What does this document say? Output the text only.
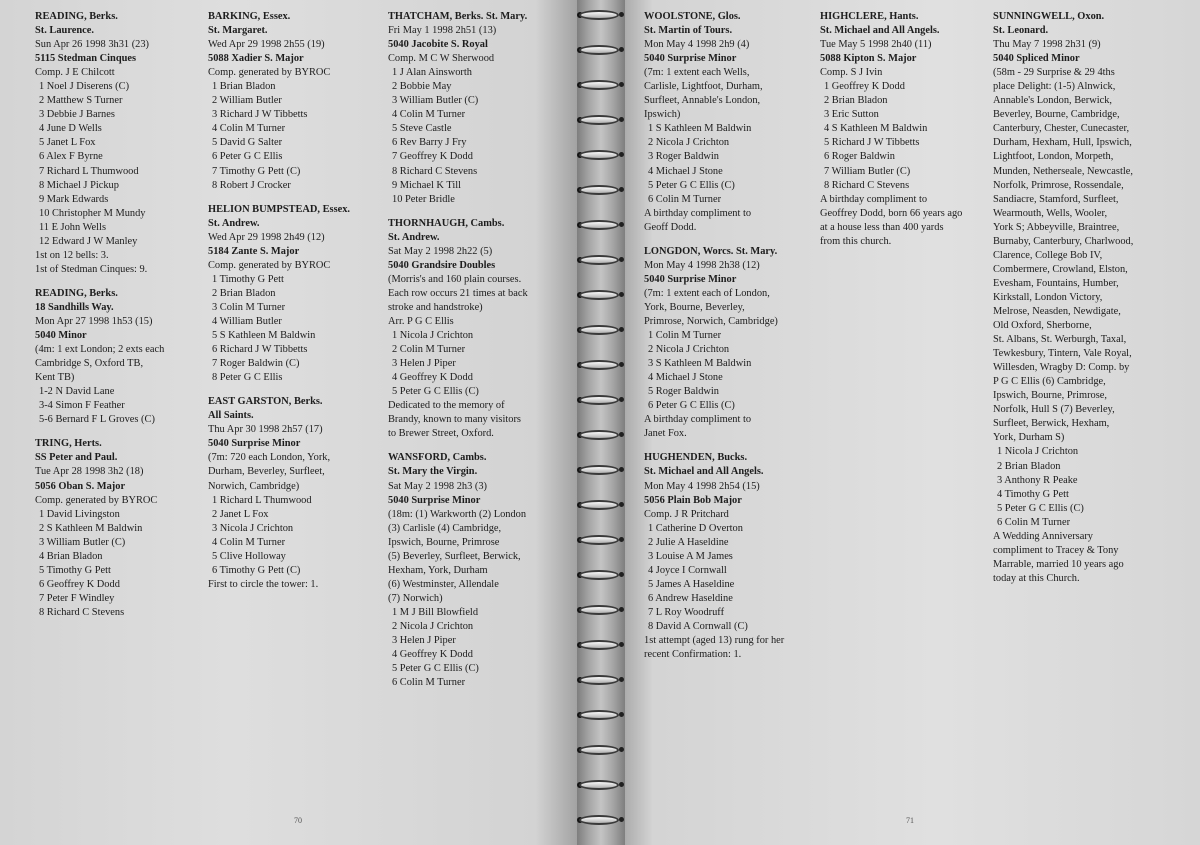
READING, Berks.
St. Laurence.
Sun Apr 26 1998 3h31 (23)
5115 Stedman Cinques
Comp. J E Chilcott
1 Noel J Diserens (C)
2 Matthew S Turner
3 Debbie J Barnes
4 June D Wells
5 Janet L Fox
6 Alex F Byrne
7 Richard L Thumwood
8 Michael J Pickup
9 Mark Edwards
10 Christopher M Mundy
11 E John Wells
12 Edward J W Manley
1st on 12 bells: 3.
1st of Stedman Cinques: 9.
READING, Berks.
18 Sandhills Way.
Mon Apr 27 1998 1h53 (15)
5040 Minor
(4m: 1 ext London; 2 exts each
Cambridge S, Oxford TB,
Kent TB)
1-2 N David Lane
3-4 Simon F Feather
5-6 Bernard F L Groves (C)
TRING, Herts.
SS Peter and Paul.
Tue Apr 28 1998 3h2 (18)
5056 Oban S. Major
Comp. generated by BYROC
1 David Livingston
2 S Kathleen M Baldwin
3 William Butler (C)
4 Brian Bladon
5 Timothy G Pett
6 Geoffrey K Dodd
7 Peter F Windley
8 Richard C Stevens
BARKING, Essex.
St. Margaret.
Wed Apr 29 1998 2h55 (19)
5088 Xadier S. Major
Comp. generated by BYROC
1 Brian Bladon
2 William Butler
3 Richard J W Tibbetts
4 Colin M Turner
5 David G Salter
6 Peter G C Ellis
7 Timothy G Pett (C)
8 Robert J Crocker
HELION BUMPSTEAD, Essex.
St. Andrew.
Wed Apr 29 1998 2h49 (12)
5184 Zante S. Major
Comp. generated by BYROC
1 Timothy G Pett
2 Brian Bladon
3 Colin M Turner
4 William Butler
5 S Kathleen M Baldwin
6 Richard J W Tibbetts
7 Roger Baldwin (C)
8 Peter G C Ellis
EAST GARSTON, Berks.
All Saints.
Thu Apr 30 1998 2h57 (17)
5040 Surprise Minor
(7m: 720 each London, York,
Durham, Beverley, Surfleet,
Norwich, Cambridge)
1 Richard L Thumwood
2 Janet L Fox
3 Nicola J Crichton
4 Colin M Turner
5 Clive Holloway
6 Timothy G Pett (C)
First to circle the tower: 1.
THATCHAM, Berks. St. Mary.
Fri May 1 1998 2h51 (13)
5040 Jacobite S. Royal
Comp. M C W Sherwood
1 J Alan Ainsworth
2 Bobbie May
3 William Butler (C)
4 Colin M Turner
5 Steve Castle
6 Rev Barry J Fry
7 Geoffrey K Dodd
8 Richard C Stevens
9 Michael K Till
10 Peter Bridle
THORNHAUGH, Cambs.
St. Andrew.
Sat May 2 1998 2h22 (5)
5040 Grandsire Doubles
(Morris's and 160 plain courses.
Each row occurs 21 times at back
stroke and handstroke)
Arr. P G C Ellis
1 Nicola J Crichton
2 Colin M Turner
3 Helen J Piper
4 Geoffrey K Dodd
5 Peter G C Ellis (C)
Dedicated to the memory of
Brandy, known to many visitors
to Brewer Street, Oxford.
WANSFORD, Cambs.
St. Mary the Virgin.
Sat May 2 1998 2h3 (3)
5040 Surprise Minor
(18m: (1) Warkworth (2) London
(3) Carlisle (4) Cambridge,
Ipswich, Bourne, Primrose
(5) Beverley, Surfleet, Berwick,
Hexham, York, Durham
(6) Westminster, Allendale
(7) Norwich)
1 M J Bill Blowfield
2 Nicola J Crichton
3 Helen J Piper
4 Geoffrey K Dodd
5 Peter G C Ellis (C)
6 Colin M Turner
70
WOOLSTONE, Glos.
St. Martin of Tours.
Mon May 4 1998 2h9 (4)
5040 Surprise Minor
(7m: 1 extent each Wells,
Carlisle, Lightfoot, Durham,
Surfleet, Annable's London,
Ipswich)
1 S Kathleen M Baldwin
2 Nicola J Crichton
3 Roger Baldwin
4 Michael J Stone
5 Peter G C Ellis (C)
6 Colin M Turner
A birthday compliment to
Geoff Dodd.
LONGDON, Worcs. St. Mary.
Mon May 4 1998 2h38 (12)
5040 Surprise Minor
(7m: 1 extent each of London,
York, Bourne, Beverley,
Primrose, Norwich, Cambridge)
1 Colin M Turner
2 Nicola J Crichton
3 S Kathleen M Baldwin
4 Michael J Stone
5 Roger Baldwin
6 Peter G C Ellis (C)
A birthday compliment to
Janet Fox.
HUGHENDEN, Bucks.
St. Michael and All Angels.
Mon May 4 1998 2h54 (15)
5056 Plain Bob Major
Comp. J R Pritchard
1 Catherine D Overton
2 Julie A Haseldine
3 Louise A M James
4 Joyce I Cornwall
5 James A Haseldine
6 Andrew Haseldine
7 L Roy Woodruff
8 David A Cornwall (C)
1st attempt (aged 13) rung for her
recent Confirmation: 1.
HIGHCLERE, Hants.
St. Michael and All Angels.
Tue May 5 1998 2h40 (11)
5088 Kipton S. Major
Comp. S J Ivin
1 Geoffrey K Dodd
2 Brian Bladon
3 Eric Sutton
4 S Kathleen M Baldwin
5 Richard J W Tibbetts
6 Roger Baldwin
7 William Butler (C)
8 Richard C Stevens
A birthday compliment to
Geoffrey Dodd, born 66 years ago
at a house less than 400 yards
from this church.
SUNNINGWELL, Oxon.
St. Leonard.
Thu May 7 1998 2h31 (9)
5040 Spliced Minor
(58m - 29 Surprise & 29 4ths
place Delight: (1-5) Alnwick,
Annable's London, Berwick,
Beverley, Bourne, Cambridge,
Canterbury, Chester, Cunecaster,
Durham, Hexham, Hull, Ipswich,
Lightfoot, London, Morpeth,
Munden, Netherseale, Newcastle,
Norfolk, Primrose, Rossendale,
Sandiacre, Stamford, Surfleet,
Wearmouth, Wells, Wooler,
York S; Abbeyville, Braintree,
Burnaby, Canterbury, Charlwood,
Clarence, College Bob IV,
Combermere, Crowland, Elston,
Evesham, Fountains, Humber,
Kirkstall, London Victory,
Melrose, Neasden, Newdigate,
Old Oxford, Sherborne,
St. Albans, St. Werburgh, Taxal,
Tewkesbury, Tintern, Vale Royal,
Willesden, Wragby D: Comp. by
P G C Ellis (6) Cambridge,
Ipswich, Bourne, Primrose,
Norfolk, Hull S (7) Beverley,
Surfleet, Berwick, Hexham,
York, Durham S)
1 Nicola J Crichton
2 Brian Bladon
3 Anthony R Peake
4 Timothy G Pett
5 Peter G C Ellis (C)
6 Colin M Turner
A Wedding Anniversary
compliment to Tracey & Tony
Marrable, married 10 years ago
today at this Church.
71
